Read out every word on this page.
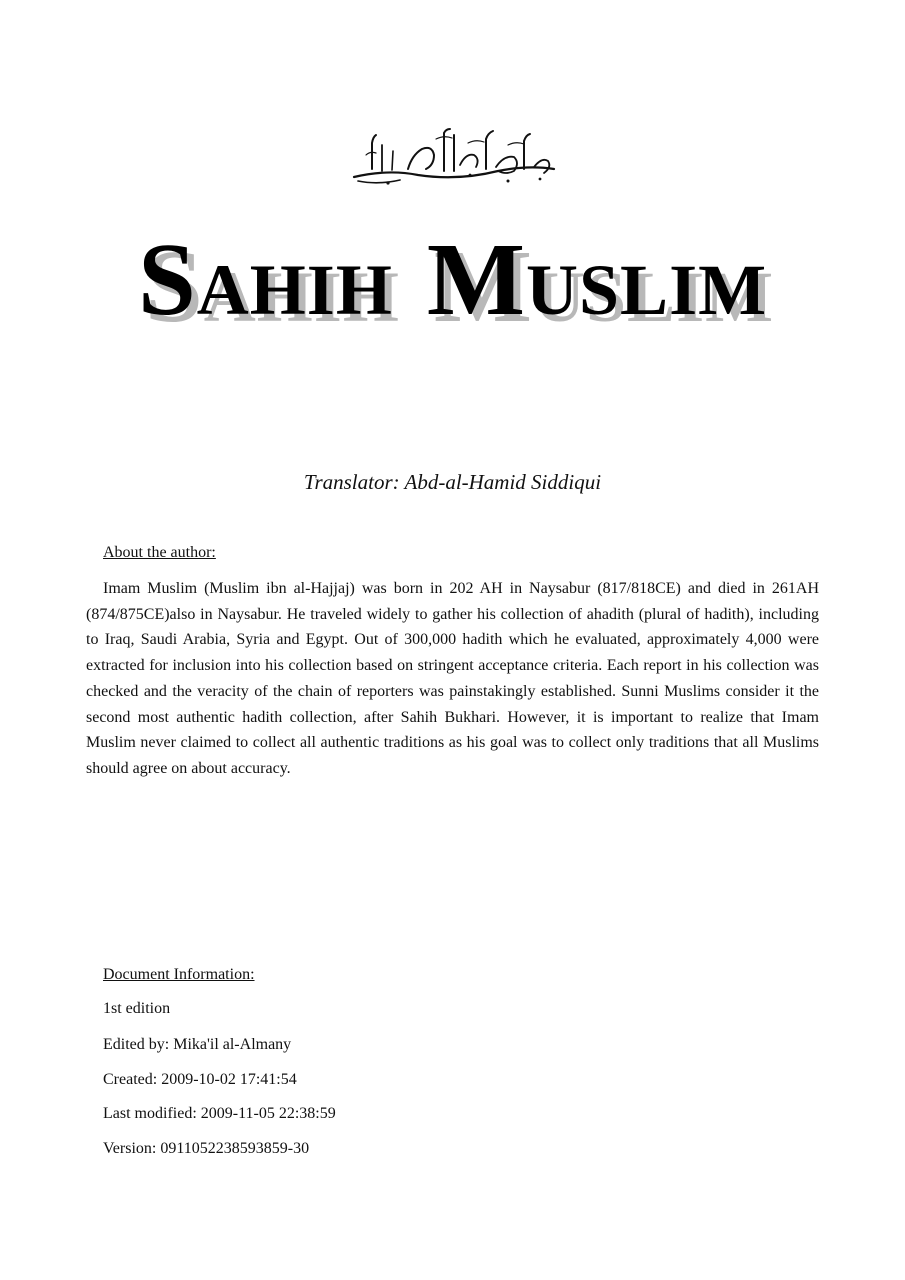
SAHIH MUSLIM
Translator: Abd-al-Hamid Siddiqui
About the author:

Imam Muslim (Muslim ibn al-Hajjaj) was born in 202 AH in Naysabur (817/818CE) and died in 261AH (874/875CE)also in Naysabur. He traveled widely to gather his collection of ahadith (plural of hadith), including to Iraq, Saudi Arabia, Syria and Egypt. Out of 300,000 hadith which he evaluated, approximately 4,000 were extracted for inclusion into his collection based on stringent acceptance criteria. Each report in his collection was checked and the veracity of the chain of reporters was painstakingly established. Sunni Muslims consider it the second most authentic hadith collection, after Sahih Bukhari. However, it is important to realize that Imam Muslim never claimed to collect all authentic traditions as his goal was to collect only traditions that all Muslims should agree on about accuracy.

Document Information:
1st edition
Edited by: Mika'il al-Almany
Created: 2009-10-02 17:41:54
Last modified: 2009-11-05 22:38:59
Version: 0911052238593859-30
